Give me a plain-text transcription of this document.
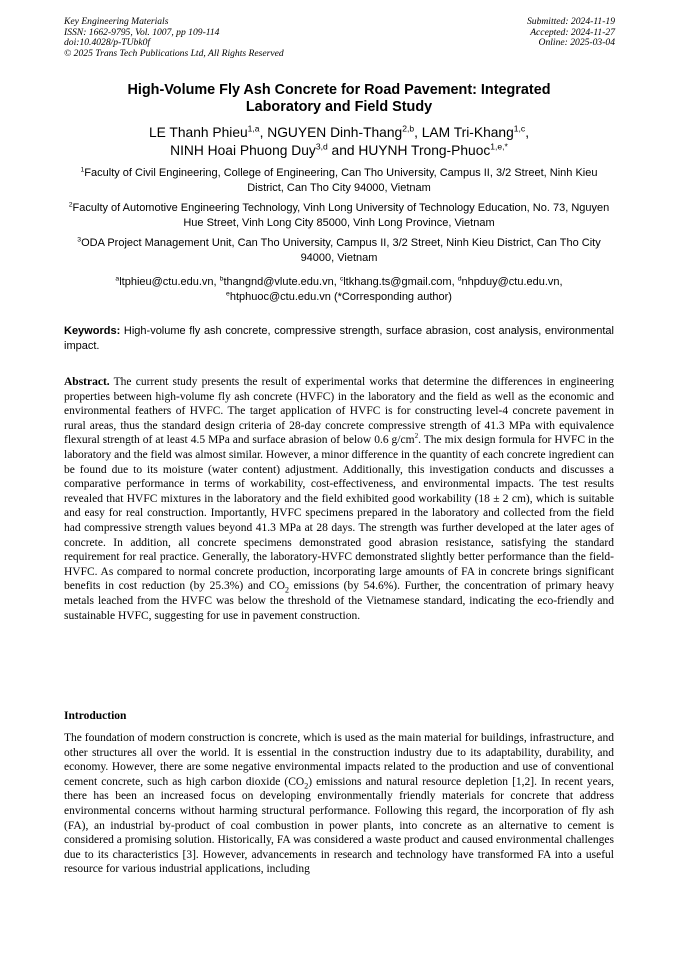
Key Engineering Materials
ISSN: 1662-9795, Vol. 1007, pp 109-114
doi:10.4028/p-TUbk0f
© 2025 Trans Tech Publications Ltd, All Rights Reserved
Submitted: 2024-11-19
Accepted: 2024-11-27
Online: 2025-03-04
High-Volume Fly Ash Concrete for Road Pavement: Integrated
Laboratory and Field Study
LE Thanh Phieu$^{1,a}$, NGUYEN Dinh-Thang$^{2,b}$, LAM Tri-Khang$^{1,c}$,
NINH Hoai Phuong Duy$^{3,d}$ and HUYNH Trong-Phuoc$^{1,e,*}$
$^1$Faculty of Civil Engineering, College of Engineering, Can Tho University, Campus II, 3/2 Street, Ninh Kieu District, Can Tho City 94000, Vietnam
$^2$Faculty of Automotive Engineering Technology, Vinh Long University of Technology Education, No. 73, Nguyen Hue Street, Vinh Long City 85000, Vinh Long Province, Vietnam
$^3$ODA Project Management Unit, Can Tho University, Campus II, 3/2 Street, Ninh Kieu District, Can Tho City 94000, Vietnam
$^a$ltphieu@ctu.edu.vn, $^b$thangnd@vlute.edu.vn, $^c$ltkhang.ts@gmail.com, $^d$nhpduy@ctu.edu.vn,
$^e$htphuoc@ctu.edu.vn (*Corresponding author)
Keywords: High-volume fly ash concrete, compressive strength, surface abrasion, cost analysis, environmental impact.
Abstract. The current study presents the result of experimental works that determine the differences in engineering properties between high-volume fly ash concrete (HVFC) in the laboratory and the field as well as the economic and environmental feathers of HVFC. The target application of HVFC is for constructing level-4 concrete pavement in rural areas, thus the standard design criteria of 28-day concrete compressive strength of 41.3 MPa with equivalence flexural strength of at least 4.5 MPa and surface abrasion of below 0.6 $g/cm^2$. The mix design formula for HVFC in the laboratory and the field was almost similar. However, a minor difference in the quantity of each concrete ingredient can be found due to its moisture (water content) adjustment. Additionally, this investigation conducts and discusses a comparative performance in terms of workability, cost-effectiveness, and environmental impacts. The test results revealed that HVFC mixtures in the laboratory and the field exhibited good workability (18 ± 2 cm), which is suitable and easy for real construction. Importantly, HVFC specimens prepared in the laboratory and collected from the field had compressive strength values beyond 41.3 MPa at 28 days. The strength was further developed at the later ages of concrete. In addition, all concrete specimens demonstrated good abrasion resistance, satisfying the standard requirement for real practice. Generally, the laboratory-HVFC demonstrated slightly better performance than the field-HVFC. As compared to normal concrete production, incorporating large amounts of FA in concrete brings significant benefits in cost reduction (by 25.3%) and $CO_2$ emissions (by 54.6%). Further, the concentration of primary heavy metals leached from the HVFC was below the threshold of the Vietnamese standard, indicating the eco-friendly and sustainable HVFC, suggesting for use in pavement construction.
Introduction
The foundation of modern construction is concrete, which is used as the main material for buildings, infrastructure, and other structures all over the world. It is essential in the construction industry due to its adaptability, durability, and economy. However, there are some negative environmental impacts related to the production and use of conventional cement concrete, such as high carbon dioxide $(CO_2)$ emissions and natural resource depletion [1,2]. In recent years, there has been an increased focus on developing environmentally friendly materials for concrete that address environmental concerns without harming structural performance. Following this regard, the incorporation of fly ash (FA), an industrial by-product of coal combustion in power plants, into concrete as an alternative to cement is considered a promising solution. Historically, FA was considered a waste product and caused environmental challenges due to its characteristics [3]. However, advancements in research and technology have transformed FA into a useful resource for various industrial applications, including
